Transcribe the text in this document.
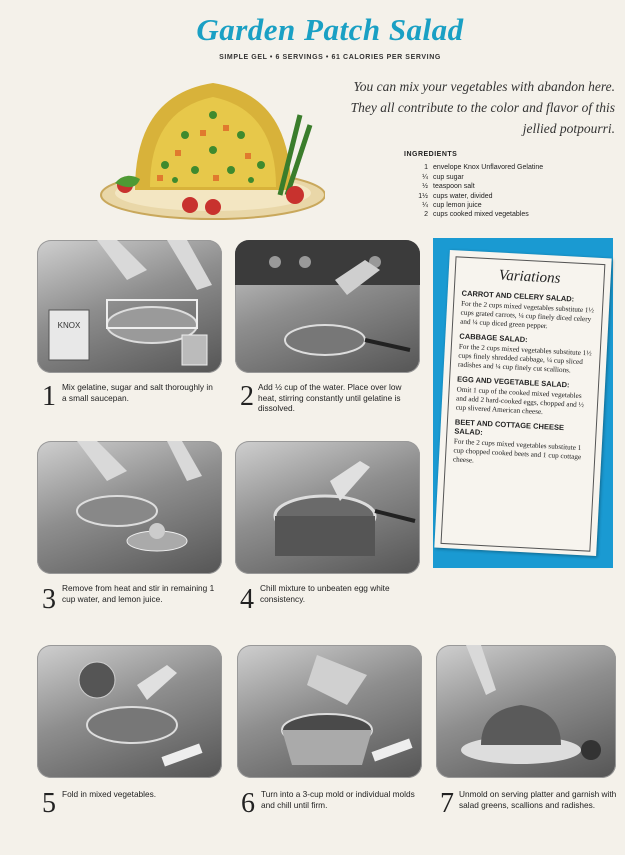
Garden Patch Salad
SIMPLE GEL • 6 SERVINGS • 61 CALORIES PER SERVING
You can mix your vegetables with abandon here. They all contribute to the color and flavor of this jellied potpourri.
INGREDIENTS
1 envelope Knox Unflavored Gelatine
¼ cup sugar
½ teaspoon salt
1½ cups water, divided
¼ cup lemon juice
2 cups cooked mixed vegetables
KNOX
1 Mix gelatine, sugar and salt thoroughly in a small saucepan.	2 Add ½ cup of the water. Place over low heat, stirring constantly until gelatine is dissolved.
3 Remove from heat and stir in remaining 1 cup water, and lemon juice.	4 Chill mixture to unbeaten egg white consistency.
5 Fold in mixed vegetables.	6 Turn into a 3-cup mold or individual molds and chill until firm.	7 Unmold on serving platter and garnish with salad greens, scallions and radishes.
Variations
CARROT AND CELERY SALAD:
For the 2 cups mixed vegetables substitute 1½ cups grated carrots, ¼ cup finely diced celery and ¼ cup diced green pepper.
CABBAGE SALAD:
For the 2 cups mixed vegetables substitute 1½ cups finely shredded cabbage, ¼ cup sliced radishes and ¼ cup finely cut scallions.
EGG AND VEGETABLE SALAD:
Omit 1 cup of the cooked mixed vegetables and add 2 hard-cooked eggs, chopped and ½ cup slivered American cheese.
BEET AND COTTAGE CHEESE SALAD:
For the 2 cups mixed vegetables substitute 1 cup chopped cooked beets and 1 cup cottage cheese.
